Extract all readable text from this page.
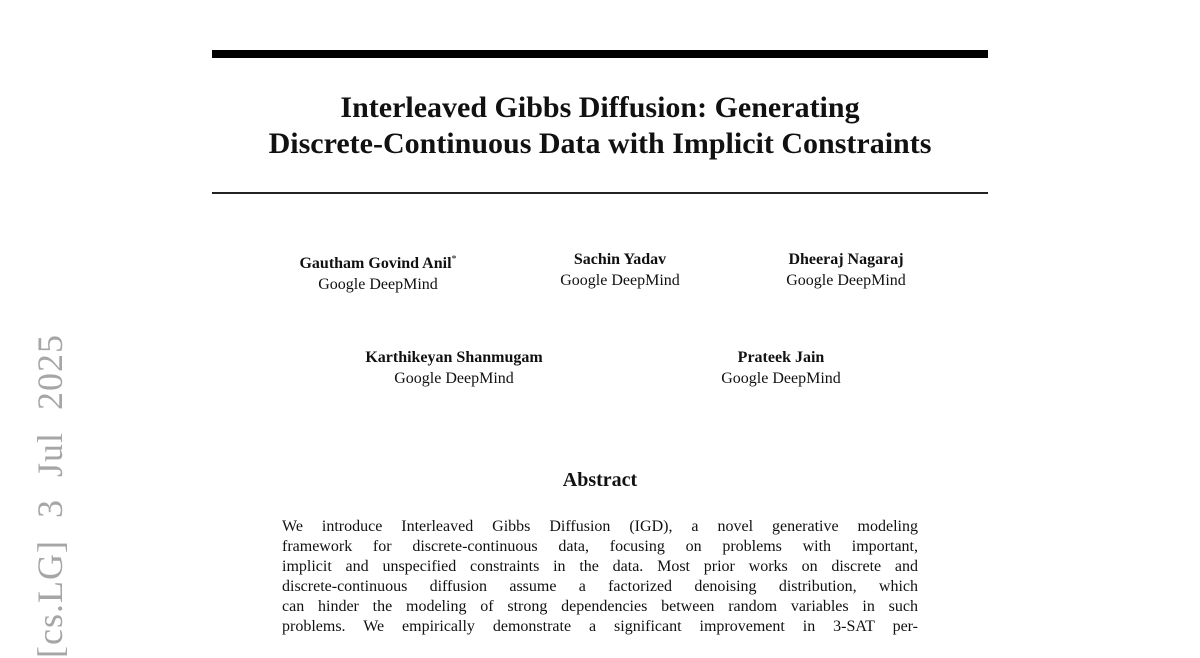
Interleaved Gibbs Diffusion: Generating
Discrete-Continuous Data with Implicit Constraints
Gautham Govind Anil*
Google DeepMind
Sachin Yadav
Google DeepMind
Dheeraj Nagaraj
Google DeepMind
Karthikeyan Shanmugam
Google DeepMind
Prateek Jain
Google DeepMind
Abstract
We introduce Interleaved Gibbs Diffusion (IGD), a novel generative modeling
framework for discrete-continuous data, focusing on problems with important,
implicit and unspecified constraints in the data. Most prior works on discrete and
discrete-continuous diffusion assume a factorized denoising distribution, which
can hinder the modeling of strong dependencies between random variables in such
problems. We empirically demonstrate a significant improvement in 3-SAT per-
[cs.LG] 3 Jul 2025
